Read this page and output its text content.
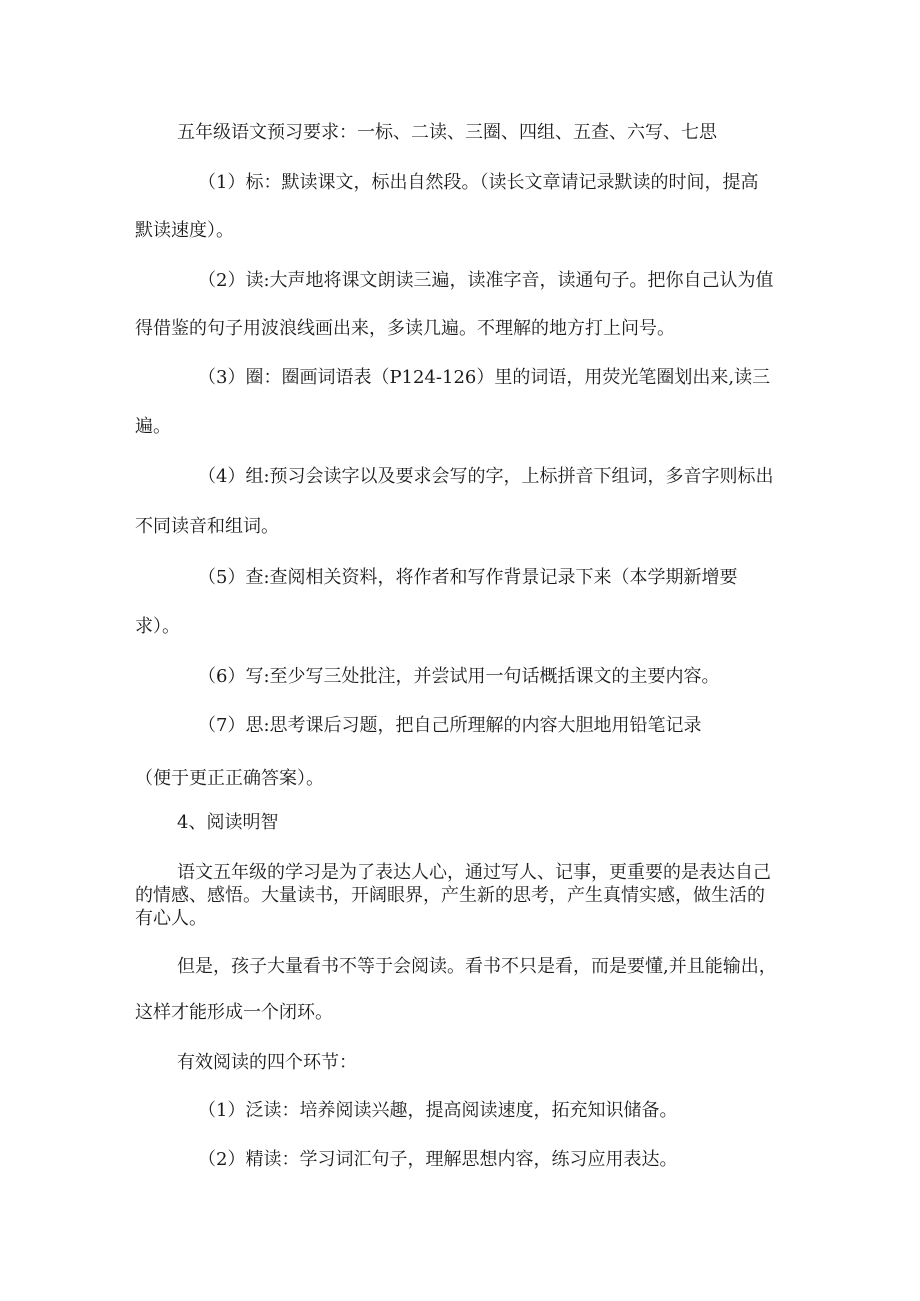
五年级语文预习要求：一标、二读、三圈、四组、五查、六写、七思

（1）标：默读课文，标出自然段。（读长文章请记录默读的时间，提高

默读速度）。

（2）读:大声地将课文朗读三遍，读准字音，读通句子。把你自己认为值

得借鉴的句子用波浪线画出来，多读几遍。不理解的地方打上问号。

（3）圈：圈画词语表（P124-126）里的词语，用荧光笔圈划出来,读三

遍。

（4）组:预习会读字以及要求会写的字，上标拼音下组词，多音字则标出

不同读音和组词。

（5）查:查阅相关资料，将作者和写作背景记录下来（本学期新增要

求）。

（6）写:至少写三处批注，并尝试用一句话概括课文的主要内容。

（7）思:思考课后习题，把自己所理解的内容大胆地用铅笔记录

（便于更正正确答案）。

4、阅读明智

语文五年级的学习是为了表达人心，通过写人、记事，更重要的是表达自己

的情感、感悟。大量读书，开阔眼界，产生新的思考，产生真情实感，做生活的

有心人。

但是，孩子大量看书不等于会阅读。看书不只是看，而是要懂,并且能输出，

这样才能形成一个闭环。

有效阅读的四个环节：

（1）泛读：培养阅读兴趣，提高阅读速度，拓充知识储备。

（2）精读：学习词汇句子，理解思想内容，练习应用表达。
